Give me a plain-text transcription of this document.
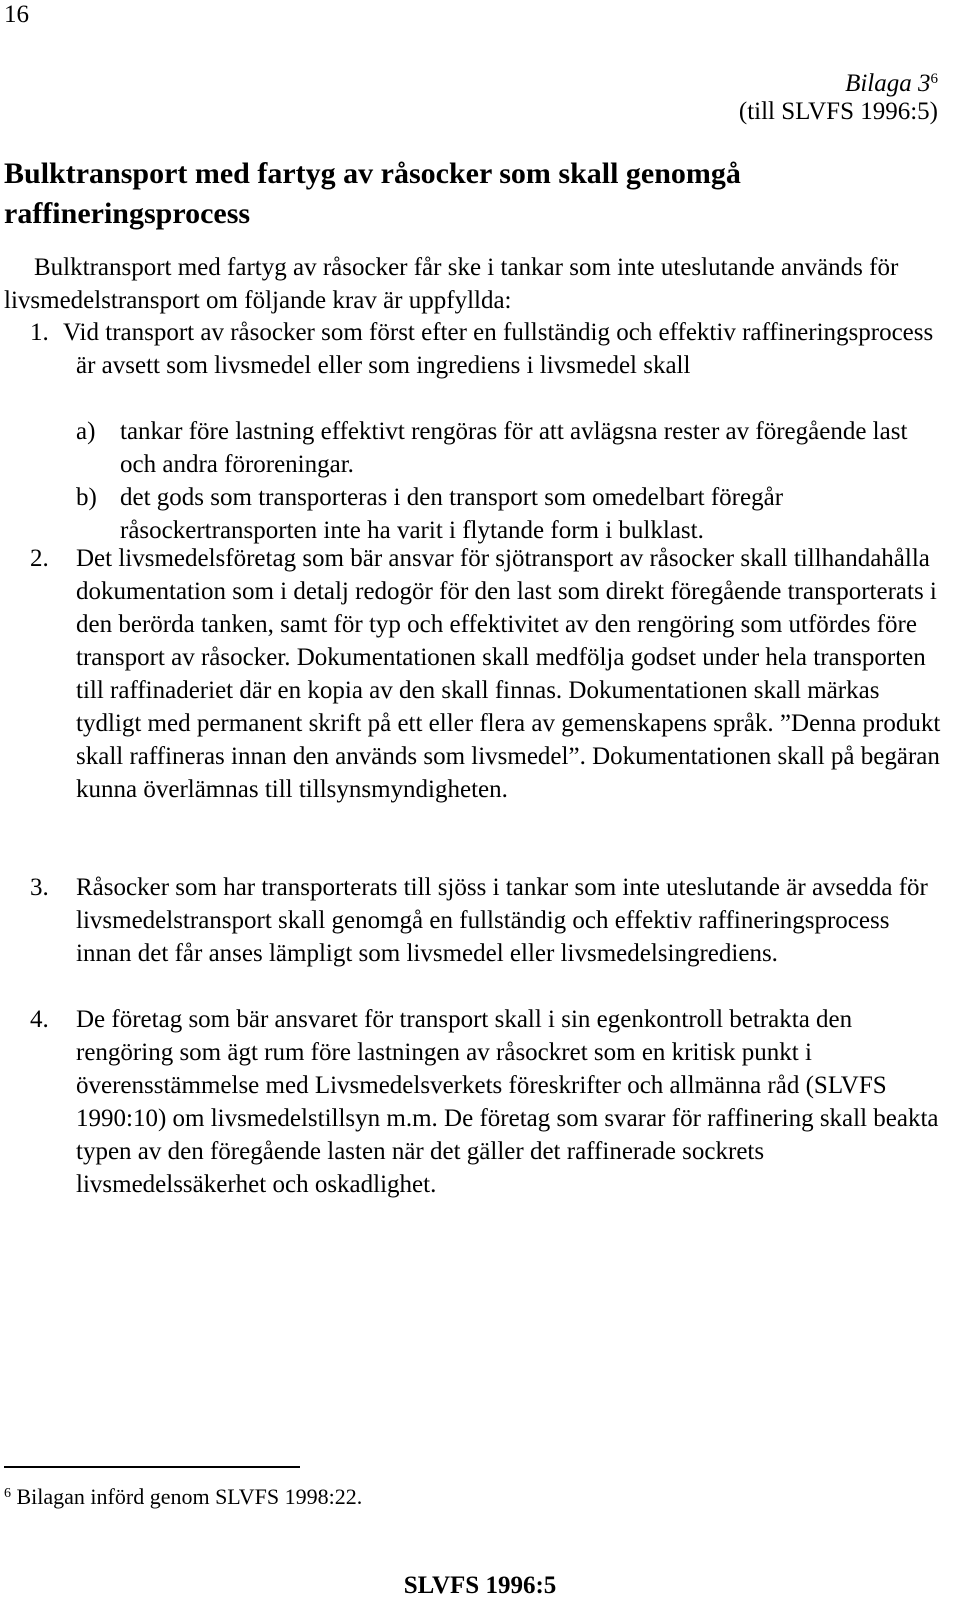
16
Bilaga $3^6$
(till SLVFS 1996:5)
Bulktransport med fartyg av råsocker som skall genomgå raffineringsprocess

Bulktransport med fartyg av råsocker får ske i tankar som inte uteslutande används för livsmedelstransport om följande krav är uppfyllda:

1. Vid transport av råsocker som först efter en fullständig och effektiv raffineringsprocess är avsett som livsmedel eller som ingrediens i livsmedel skall
a) tankar före lastning effektivt rengöras för att avlägsna rester av föregående last och andra föroreningar.
b) det gods som transporteras i den transport som omedelbart föregår råsockertransporten inte ha varit i flytande form i bulklast.
2. Det livsmedelsföretag som bär ansvar för sjötransport av råsocker skall tillhandahålla dokumentation som i detalj redogör för den last som direkt föregående transporterats i den berörda tanken, samt för typ och effektivitet av den rengöring som utfördes före transport av råsocker. Dokumentationen skall medfölja godset under hela transporten till raffinaderiet där en kopia av den skall finnas. Dokumentationen skall märkas tydligt med permanent skrift på ett eller flera av gemenskapens språk. ”Denna produkt skall raffineras innan den används som livsmedel”. Dokumentationen skall på begäran kunna överlämnas till tillsynsmyndigheten.
3. Råsocker som har transporterats till sjöss i tankar som inte uteslutande är avsedda för livsmedelstransport skall genomgå en fullständig och effektiv raffineringsprocess innan det får anses lämpligt som livsmedel eller livsmedelsingrediens.
4. De företag som bär ansvaret för transport skall i sin egenkontroll betrakta den rengöring som ägt rum före lastningen av råsockret som en kritisk punkt i överensstämmelse med Livsmedelsverkets föreskrifter och allmänna råd (SLVFS 1990:10) om livsmedelstillsyn m.m. De företag som svarar för raffinering skall beakta typen av den föregående lasten när det gäller det raffinerade sockrets livsmedelssäkerhet och oskadlighet.
$^6$ Bilagan införd genom SLVFS 1998:22.
SLVFS 1996:5
